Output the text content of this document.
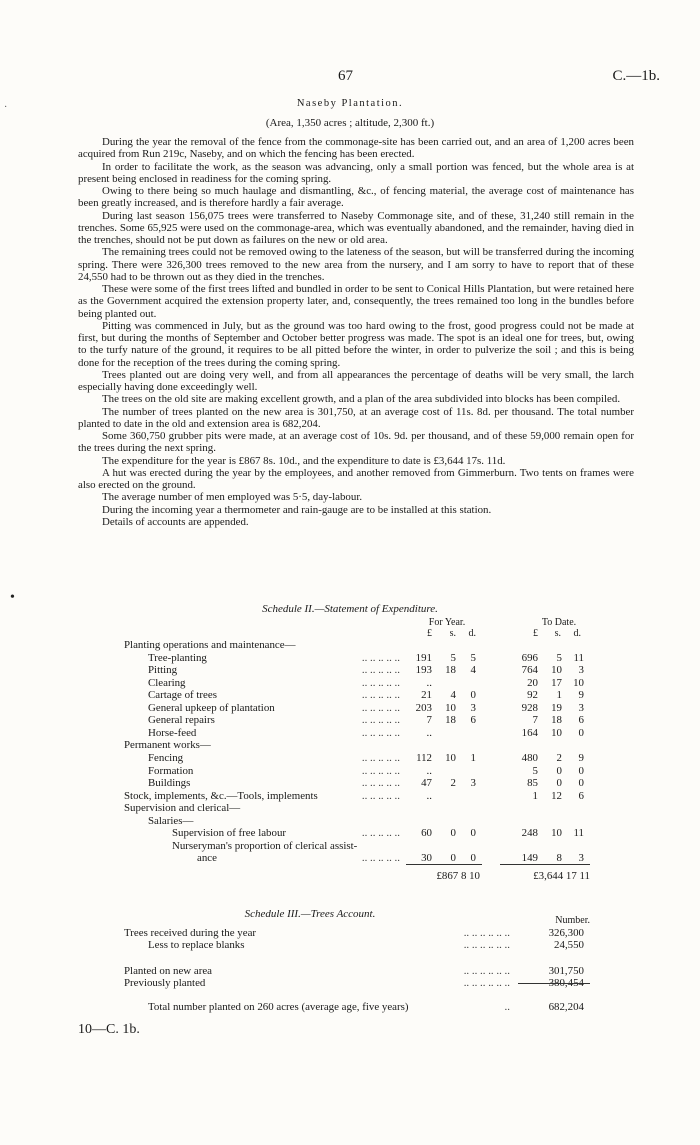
67	C.—1b.
Naseby Plantation.
(Area, 1,350 acres ; altitude, 2,300 ft.)

During the year the removal of the fence from the commonage-site has been carried out, and an area of 1,200 acres been acquired from Run 219c, Naseby, and on which the fencing has been erected.

In order to facilitate the work, as the season was advancing, only a small portion was fenced, but the whole area is at present being enclosed in readiness for the coming spring.

Owing to there being so much haulage and dismantling, &c., of fencing material, the average cost of maintenance has been greatly increased, and is therefore hardly a fair average.

During last season 156,075 trees were transferred to Naseby Commonage site, and of these, 31,240 still remain in the trenches. Some 65,925 were used on the commonage-area, which was eventually abandoned, and the remainder, having died in the trenches, should not be put down as failures on the new or old area.

The remaining trees could not be removed owing to the lateness of the season, but will be transferred during the incoming spring. There were 326,300 trees removed to the new area from the nursery, and I am sorry to have to report that of these 24,550 had to be thrown out as they died in the trenches.

These were some of the first trees lifted and bundled in order to be sent to Conical Hills Plantation, but were retained here as the Government acquired the extension property later, and, consequently, the trees remained too long in the bundles before being planted out.

Pitting was commenced in July, but as the ground was too hard owing to the frost, good progress could not be made at first, but during the months of September and October better progress was made. The spot is an ideal one for trees, but, owing to the turfy nature of the ground, it requires to be all pitted before the winter, in order to pulverize the soil ; and this is being done for the reception of the trees during the coming spring.

Trees planted out are doing very well, and from all appearances the percentage of deaths will be very small, the larch especially having done exceedingly well.

The trees on the old site are making excellent growth, and a plan of the area subdivided into blocks has been compiled.

The number of trees planted on the new area is 301,750, at an average cost of 11s. 8d. per thousand. The total number planted to date in the old and extension area is 682,204.

Some 360,750 grubber pits were made, at an average cost of 10s. 9d. per thousand, and of these 59,000 remain open for the trees during the next spring.

The expenditure for the year is £867 8s. 10d., and the expenditure to date is £3,644 17s. 11d.

A hut was erected during the year by the employees, and another removed from Gimmerburn. Two tents on frames were also erected on the ground.

The average number of men employed was 5·5, day-labour.

During the incoming year a thermometer and rain-gauge are to be installed at this station.

Details of accounts are appended.

Schedule II.—Statement of Expenditure.
For Year.	To Date.
£	s.	d.	£	s.	d.
Planting operations and maintenance—
Tree-planting	.. .. .. .. ..	191	5	5	696	5	11
Pitting	.. .. .. .. ..	193	18	4	764	10	3
Clearing	.. .. .. .. ..	..	20	17	10
Cartage of trees	.. .. .. .. ..	21	4	0	92	1	9
General upkeep of plantation	.. .. .. .. ..	203	10	3	928	19	3
General repairs	.. .. .. .. ..	7	18	6	7	18	6
Horse-feed	.. .. .. .. ..	..	164	10	0
Permanent works—
Fencing	.. .. .. .. ..	112	10	1	480	2	9
Formation	.. .. .. .. ..	..	5	0	0
Buildings	.. .. .. .. ..	47	2	3	85	0	0
Stock, implements, &c.—Tools, implements	.. .. .. .. ..	..	1	12	6
Supervision and clerical—
Salaries—
Supervision of free labour	.. .. .. .. ..	60	0	0	248	10	11
Nurseryman's proportion of clerical assist-
ance	.. .. .. .. ..	30	0	0	149	8	3
£867 8 10	£3,644 17 11
Schedule III.—Trees Account.
Number.
Trees received during the year	.. .. .. .. .. ..	326,300
Less to replace blanks	.. .. .. .. .. ..	24,550
Planted on new area	.. .. .. .. .. ..	301,750
Previously planted	.. .. .. .. .. ..	380,454
Total number planted on 260 acres (average age, five years)	..	682,204
10—C. 1b.
·
•
